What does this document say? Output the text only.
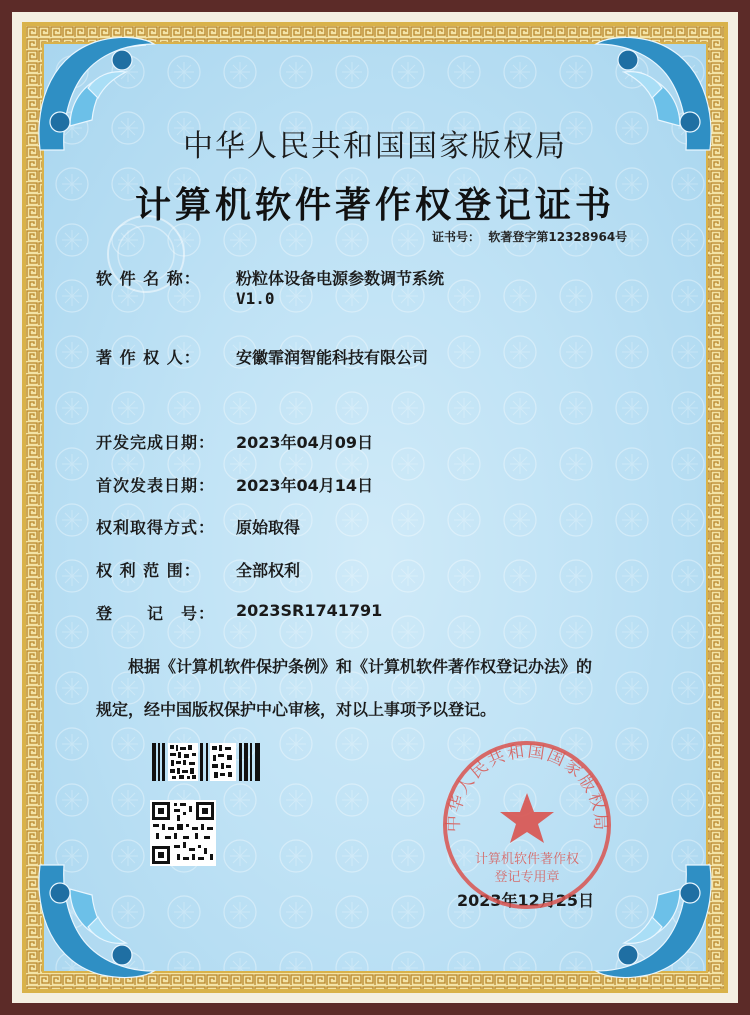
中华人民共和国国家版权局
计算机软件著作权登记证书
证书号： 软著登字第12328964号
软 件 名 称： 粉粒体设备电源参数调节系统
V1.0
著 作 权 人： 安徽霏润智能科技有限公司
开发完成日期： 2023年04月09日
首次发表日期： 2023年04月14日
权利取得方式： 原始取得
权 利 范 围： 全部权利
登　　记　号： 2023SR1741791
根据《计算机软件保护条例》和《计算机软件著作权登记办法》的
规定，经中国版权保护中心审核，对以上事项予以登记。
2023年12月25日
中华人民共和国国家版权局
计算机软件著作权
登记专用章
